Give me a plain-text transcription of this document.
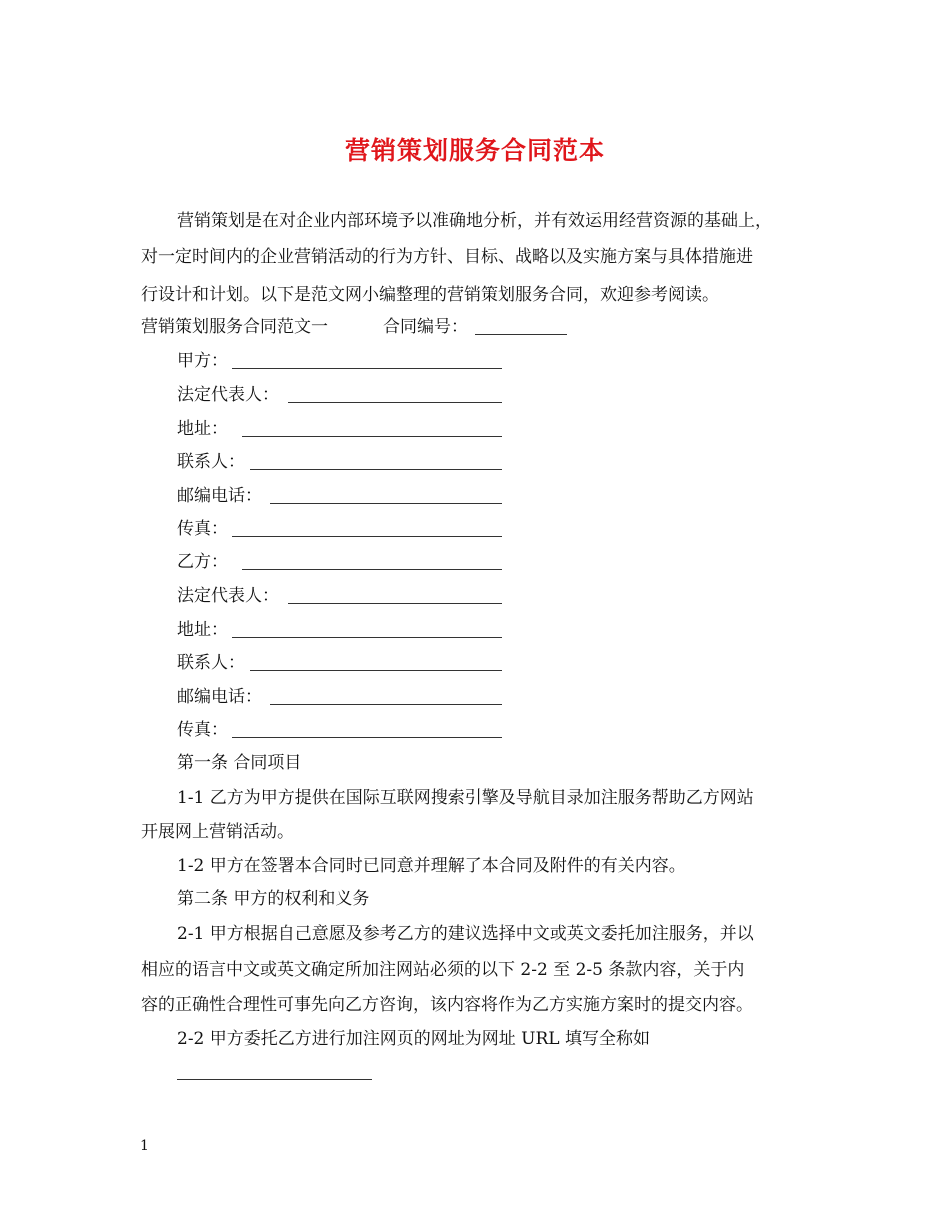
营销策划服务合同范本
营销策划是在对企业内部环境予以准确地分析，并有效运用经营资源的基础上，
对一定时间内的企业营销活动的行为方针、目标、战略以及实施方案与具体措施进
行设计和计划。以下是范文网小编整理的营销策划服务合同，欢迎参考阅读。
营销策划服务合同范文一	合同编号：
甲方：
法定代表人：
地址：
联系人：
邮编电话：
传真：
乙方：
法定代表人：
地址：
联系人：
邮编电话：
传真：
第一条 合同项目
1-1 乙方为甲方提供在国际互联网搜索引擎及导航目录加注服务帮助乙方网站
开展网上营销活动。
1-2 甲方在签署本合同时已同意并理解了本合同及附件的有关内容。
第二条 甲方的权利和义务
2-1 甲方根据自己意愿及参考乙方的建议选择中文或英文委托加注服务，并以
相应的语言中文或英文确定所加注网站必须的以下 2-2 至 2-5 条款内容，关于内
容的正确性合理性可事先向乙方咨询，该内容将作为乙方实施方案时的提交内容。
2-2 甲方委托乙方进行加注网页的网址为网址 URL 填写全称如
1
